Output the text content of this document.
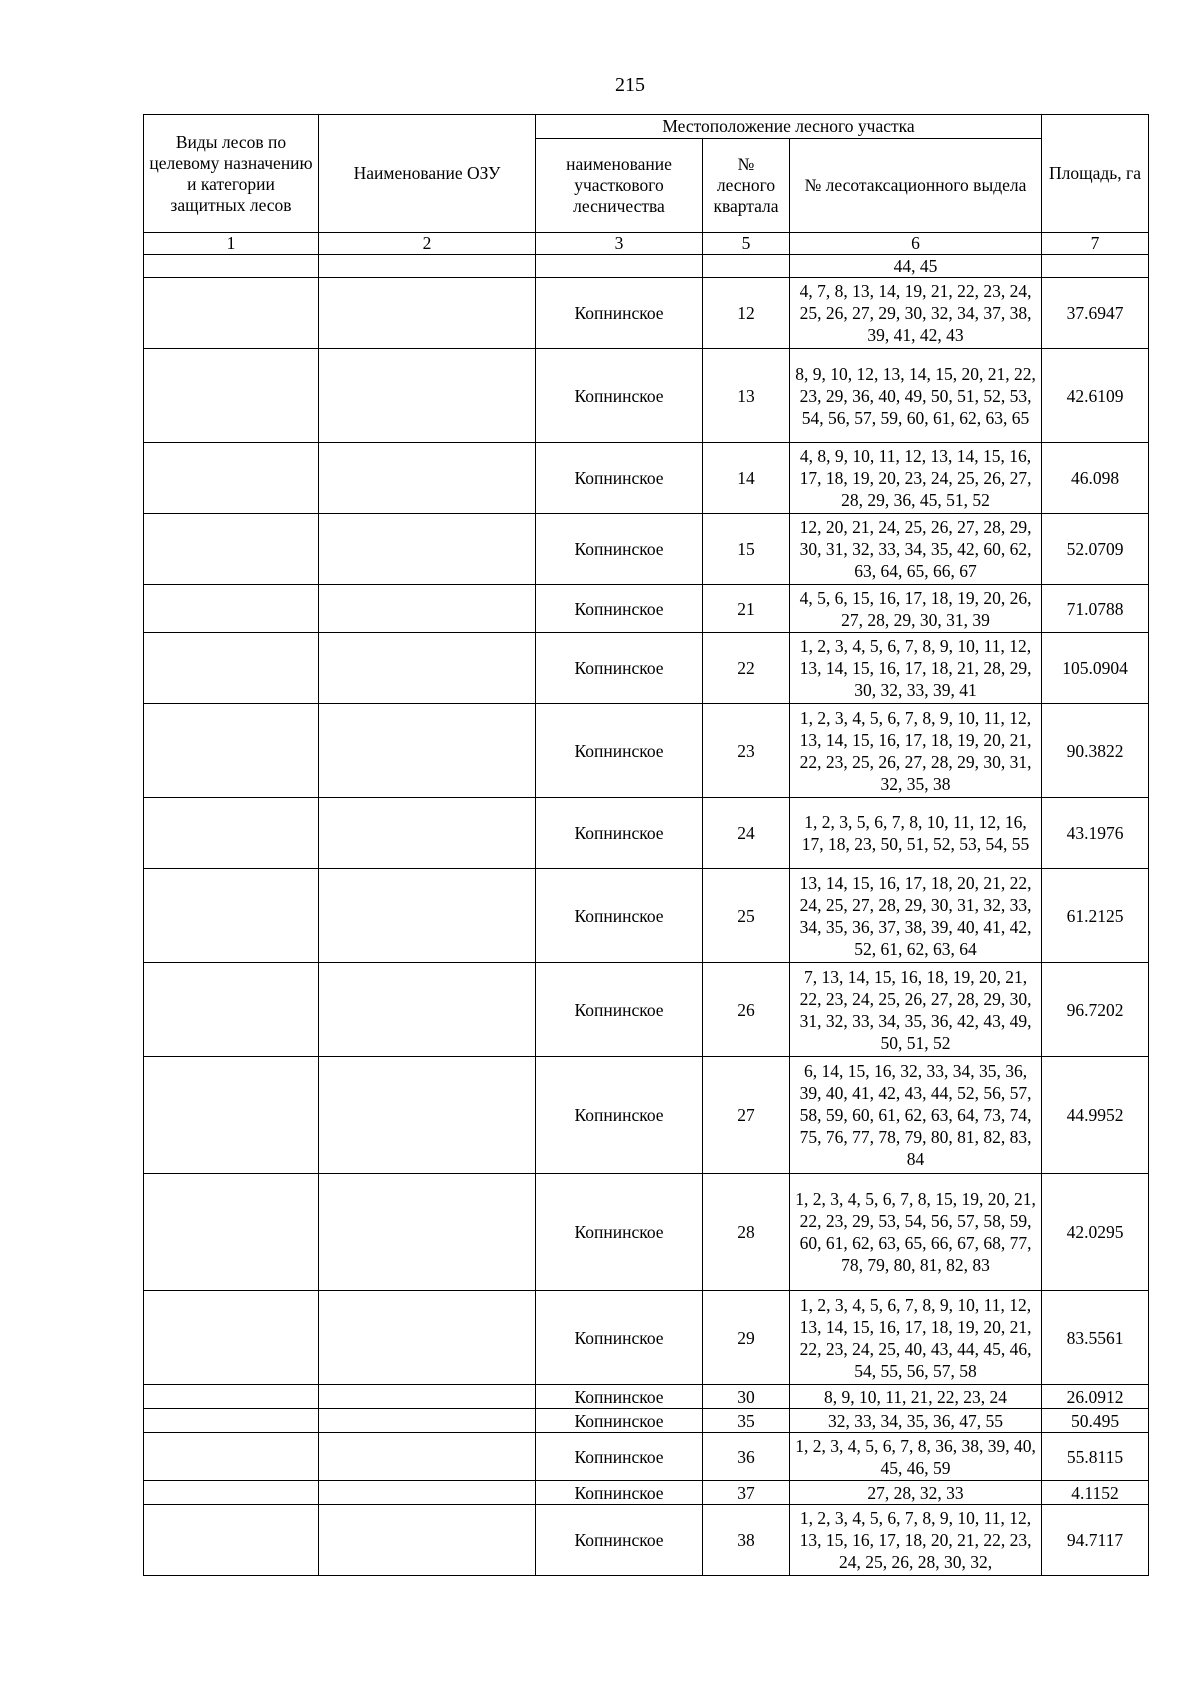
215
Виды лесов по целевому назначению и категории защитных лесов	Наименование ОЗУ	Местоположение лесного участка			Площадь, га
		наименование участкового лесничества	№ лесного квартала	№ лесотаксационного выдела	
1	2	3	5	6	7
				44, 45	
		Копнинское	12	4, 7, 8, 13, 14, 19, 21, 22, 23, 24, 25, 26, 27, 29, 30, 32, 34, 37, 38, 39, 41, 42, 43	37.6947
		Копнинское	13	8, 9, 10, 12, 13, 14, 15, 20, 21, 22, 23, 29, 36, 40, 49, 50, 51, 52, 53, 54, 56, 57, 59, 60, 61, 62, 63, 65	42.6109
		Копнинское	14	4, 8, 9, 10, 11, 12, 13, 14, 15, 16, 17, 18, 19, 20, 23, 24, 25, 26, 27, 28, 29, 36, 45, 51, 52	46.098
		Копнинское	15	12, 20, 21, 24, 25, 26, 27, 28, 29, 30, 31, 32, 33, 34, 35, 42, 60, 62, 63, 64, 65, 66, 67	52.0709
		Копнинское	21	4, 5, 6, 15, 16, 17, 18, 19, 20, 26, 27, 28, 29, 30, 31, 39	71.0788
		Копнинское	22	1, 2, 3, 4, 5, 6, 7, 8, 9, 10, 11, 12, 13, 14, 15, 16, 17, 18, 21, 28, 29, 30, 32, 33, 39, 41	105.0904
		Копнинское	23	1, 2, 3, 4, 5, 6, 7, 8, 9, 10, 11, 12, 13, 14, 15, 16, 17, 18, 19, 20, 21, 22, 23, 25, 26, 27, 28, 29, 30, 31, 32, 35, 38	90.3822
		Копнинское	24	1, 2, 3, 5, 6, 7, 8, 10, 11, 12, 16, 17, 18, 23, 50, 51, 52, 53, 54, 55	43.1976
		Копнинское	25	13, 14, 15, 16, 17, 18, 20, 21, 22, 24, 25, 27, 28, 29, 30, 31, 32, 33, 34, 35, 36, 37, 38, 39, 40, 41, 42, 52, 61, 62, 63, 64	61.2125
		Копнинское	26	7, 13, 14, 15, 16, 18, 19, 20, 21, 22, 23, 24, 25, 26, 27, 28, 29, 30, 31, 32, 33, 34, 35, 36, 42, 43, 49, 50, 51, 52	96.7202
		Копнинское	27	6, 14, 15, 16, 32, 33, 34, 35, 36, 39, 40, 41, 42, 43, 44, 52, 56, 57, 58, 59, 60, 61, 62, 63, 64, 73, 74, 75, 76, 77, 78, 79, 80, 81, 82, 83, 84	44.9952
		Копнинское	28	1, 2, 3, 4, 5, 6, 7, 8, 15, 19, 20, 21, 22, 23, 29, 53, 54, 56, 57, 58, 59, 60, 61, 62, 63, 65, 66, 67, 68, 77, 78, 79, 80, 81, 82, 83	42.0295
		Копнинское	29	1, 2, 3, 4, 5, 6, 7, 8, 9, 10, 11, 12, 13, 14, 15, 16, 17, 18, 19, 20, 21, 22, 23, 24, 25, 40, 43, 44, 45, 46, 54, 55, 56, 57, 58	83.5561
		Копнинское	30	8, 9, 10, 11, 21, 22, 23, 24	26.0912
		Копнинское	35	32, 33, 34, 35, 36, 47, 55	50.495
		Копнинское	36	1, 2, 3, 4, 5, 6, 7, 8, 36, 38, 39, 40, 45, 46, 59	55.8115
		Копнинское	37	27, 28, 32, 33	4.1152
		Копнинское	38	1, 2, 3, 4, 5, 6, 7, 8, 9, 10, 11, 12, 13, 15, 16, 17, 18, 20, 21, 22, 23, 24, 25, 26, 28, 30, 32,	94.7117
